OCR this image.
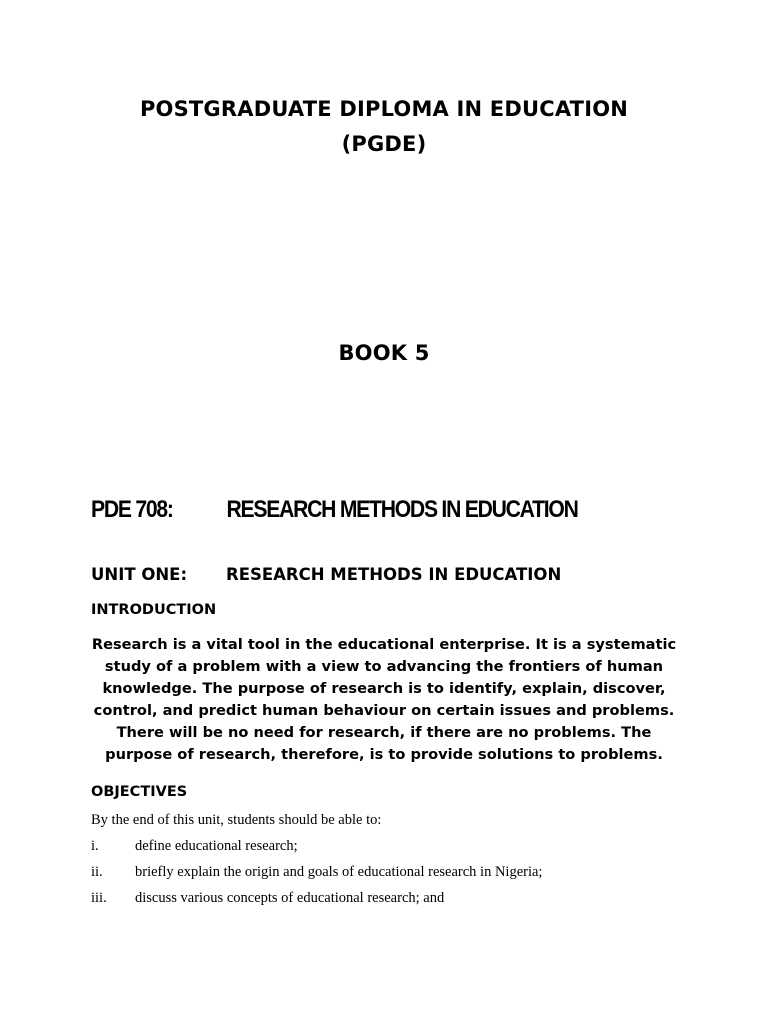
POSTGRADUATE DIPLOMA IN EDUCATION
(PGDE)
BOOK 5
PDE 708: RESEARCH METHODS IN EDUCATION
UNIT ONE: RESEARCH METHODS IN EDUCATION
INTRODUCTION
Research is a vital tool in the educational enterprise. It is a systematic study of a problem with a view to advancing the frontiers of human knowledge. The purpose of research is to identify, explain, discover, control, and predict human behaviour on certain issues and problems. There will be no need for research, if there are no problems. The purpose of research, therefore, is to provide solutions to problems.
OBJECTIVES
By the end of this unit, students should be able to:
i.	define educational research;
ii. briefly explain the origin and goals of educational research in Nigeria;
iii. discuss various concepts of educational research; and
